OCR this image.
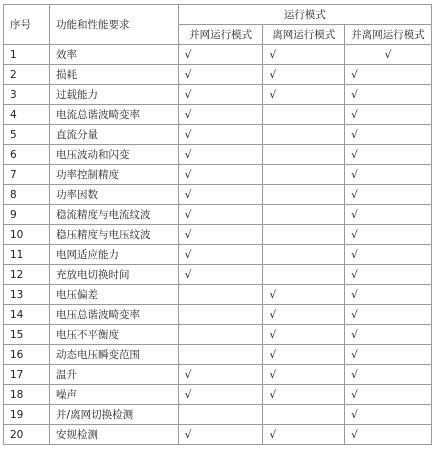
序号	功能和性能要求	运行模式		
		并网运行模式	离网运行模式	并离网运行模式
1	效率	√	√	√
2	损耗	√	√	√
3	过载能力	√	√	√
4	电流总谐波畸变率	√		√
5	直流分量	√		√
6	电压波动和闪变	√		√
7	功率控制精度	√		√
8	功率因数	√		√
9	稳流精度与电流纹波	√		√
10	稳压精度与电压纹波	√		√
11	电网适应能力	√		√
12	充放电切换时间	√		√
13	电压偏差		√	√
14	电压总谐波畸变率		√	√
15	电压不平衡度		√	√
16	动态电压瞬变范围		√	√
17	温升	√	√	√
18	噪声	√	√	√
19	并/离网切换检测			√
20	安规检测	√	√	√
